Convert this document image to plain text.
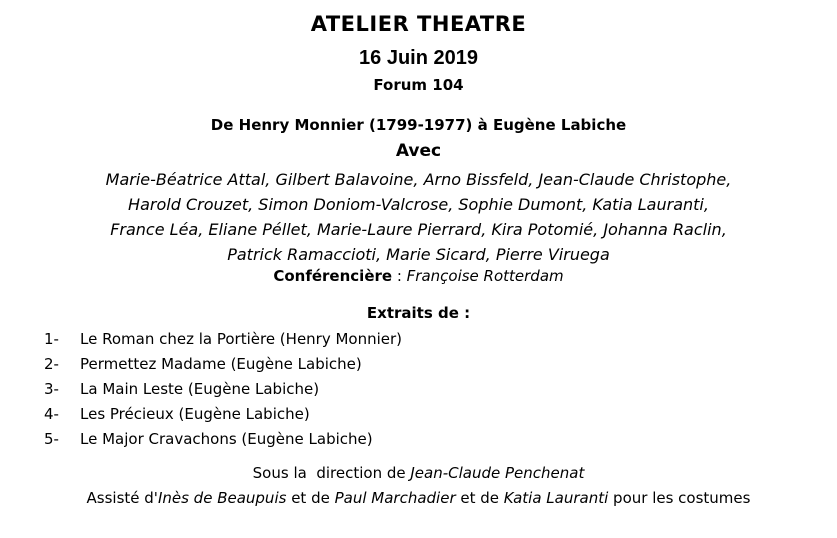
ATELIER THEATRE
16 Juin 2019
Forum 104
De Henry Monnier (1799-1977) à Eugène Labiche
Avec
Marie-Béatrice Attal, Gilbert Balavoine, Arno Bissfeld, Jean-Claude Christophe,
Harold Crouzet, Simon Doniom-Valcrose, Sophie Dumont, Katia Lauranti,
France Léa, Eliane Péllet, Marie-Laure Pierrard, Kira Potomié, Johanna Raclin,
Patrick Ramaccioti, Marie Sicard, Pierre Viruega
Conférencière : Françoise Rotterdam
Extraits de :
1- Le Roman chez la Portière (Henry Monnier)
2- Permettez Madame (Eugène Labiche)
3- La Main Leste (Eugène Labiche)
4- Les Précieux (Eugène Labiche)
5- Le Major Cravachons (Eugène Labiche)
Sous la  direction de Jean-Claude Penchenat
Assisté d'Inès de Beaupuis et de Paul Marchadier et de Katia Lauranti pour les costumes
